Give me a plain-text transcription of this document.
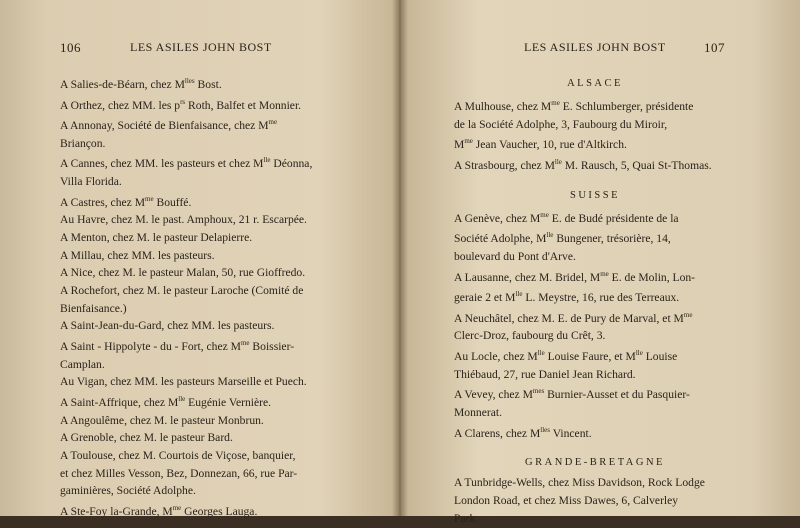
106	LES ASILES JOHN BOST
A Salies-de-Béarn, chez $M^{lles}$ Bost.
A Orthez, chez MM. les $p^{rs}$ Roth, Balfet et Monnier.
A Annonay, Société de Bienfaisance, chez $M^{me}$
Briançon.
A Cannes, chez MM. les pasteurs et chez $M^{lle}$ Déonna,
Villa Florida.
A Castres, chez $M^{me}$ Bouffé.
Au Havre, chez M. le past. Amphoux, 21 r. Escarpée.
A Menton, chez M. le pasteur Delapierre.
A Millau, chez MM. les pasteurs.
A Nice, chez M. le pasteur Malan, 50, rue Gioffredo.
A Rochefort, chez M. le pasteur Laroche (Comité de
Bienfaisance.)
A Saint-Jean-du-Gard, chez MM. les pasteurs.
A Saint - Hippolyte - du - Fort, chez $M^{me}$ Boissier-
Camplan.
Au Vigan, chez MM. les pasteurs Marseille et Puech.
A Saint-Affrique, chez $M^{lle}$ Eugénie Vernière.
A Angoulême, chez M. le pasteur Monbrun.
A Grenoble, chez M. le pasteur Bard.
A Toulouse, chez M. Courtois de Viçose, banquier,
et chez Milles Vesson, Bez, Donnezan, 66, rue Par-
gaminières, Société Adolphe.
A Ste-Foy la-Grande, $M^{me}$ Georges Lauga.
LES ASILES JOHN BOST	107
ALSACE
A Mulhouse, chez $M^{me}$ E. Schlumberger, présidente
de la Société Adolphe, 3, Faubourg du Miroir,
$M^{me}$ Jean Vaucher, 10, rue d'Altkirch.
A Strasbourg, chez $M^{lle}$ M. Rausch, 5, Quai St-Thomas.
SUISSE
A Genève, chez $M^{me}$ E. de Budé présidente de la
Société Adolphe, $M^{lle}$ Bungener, trésorière, 14,
boulevard du Pont d'Arve.
A Lausanne, chez M. Bridel, $M^{me}$ E. de Molin, Lon-
geraie 2 et $M^{lle}$ L. Meystre, 16, rue des Terreaux.
A Neuchâtel, chez M. E. de Pury de Marval, et $M^{me}$
Clerc-Droz, faubourg du Crêt, 3.
Au Locle, chez $M^{lle}$ Louise Faure, et $M^{lle}$ Louise
Thiébaud, 27, rue Daniel Jean Richard.
A Vevey, chez $M^{mes}$ Burnier-Ausset et du Pasquier-
Monnerat.
A Clarens, chez $M^{lles}$ Vincent.
GRANDE-BRETAGNE
A Tunbridge-Wells, chez Miss Davidson, Rock Lodge
London Road, et chez Miss Dawes, 6, Calverley
Park.
